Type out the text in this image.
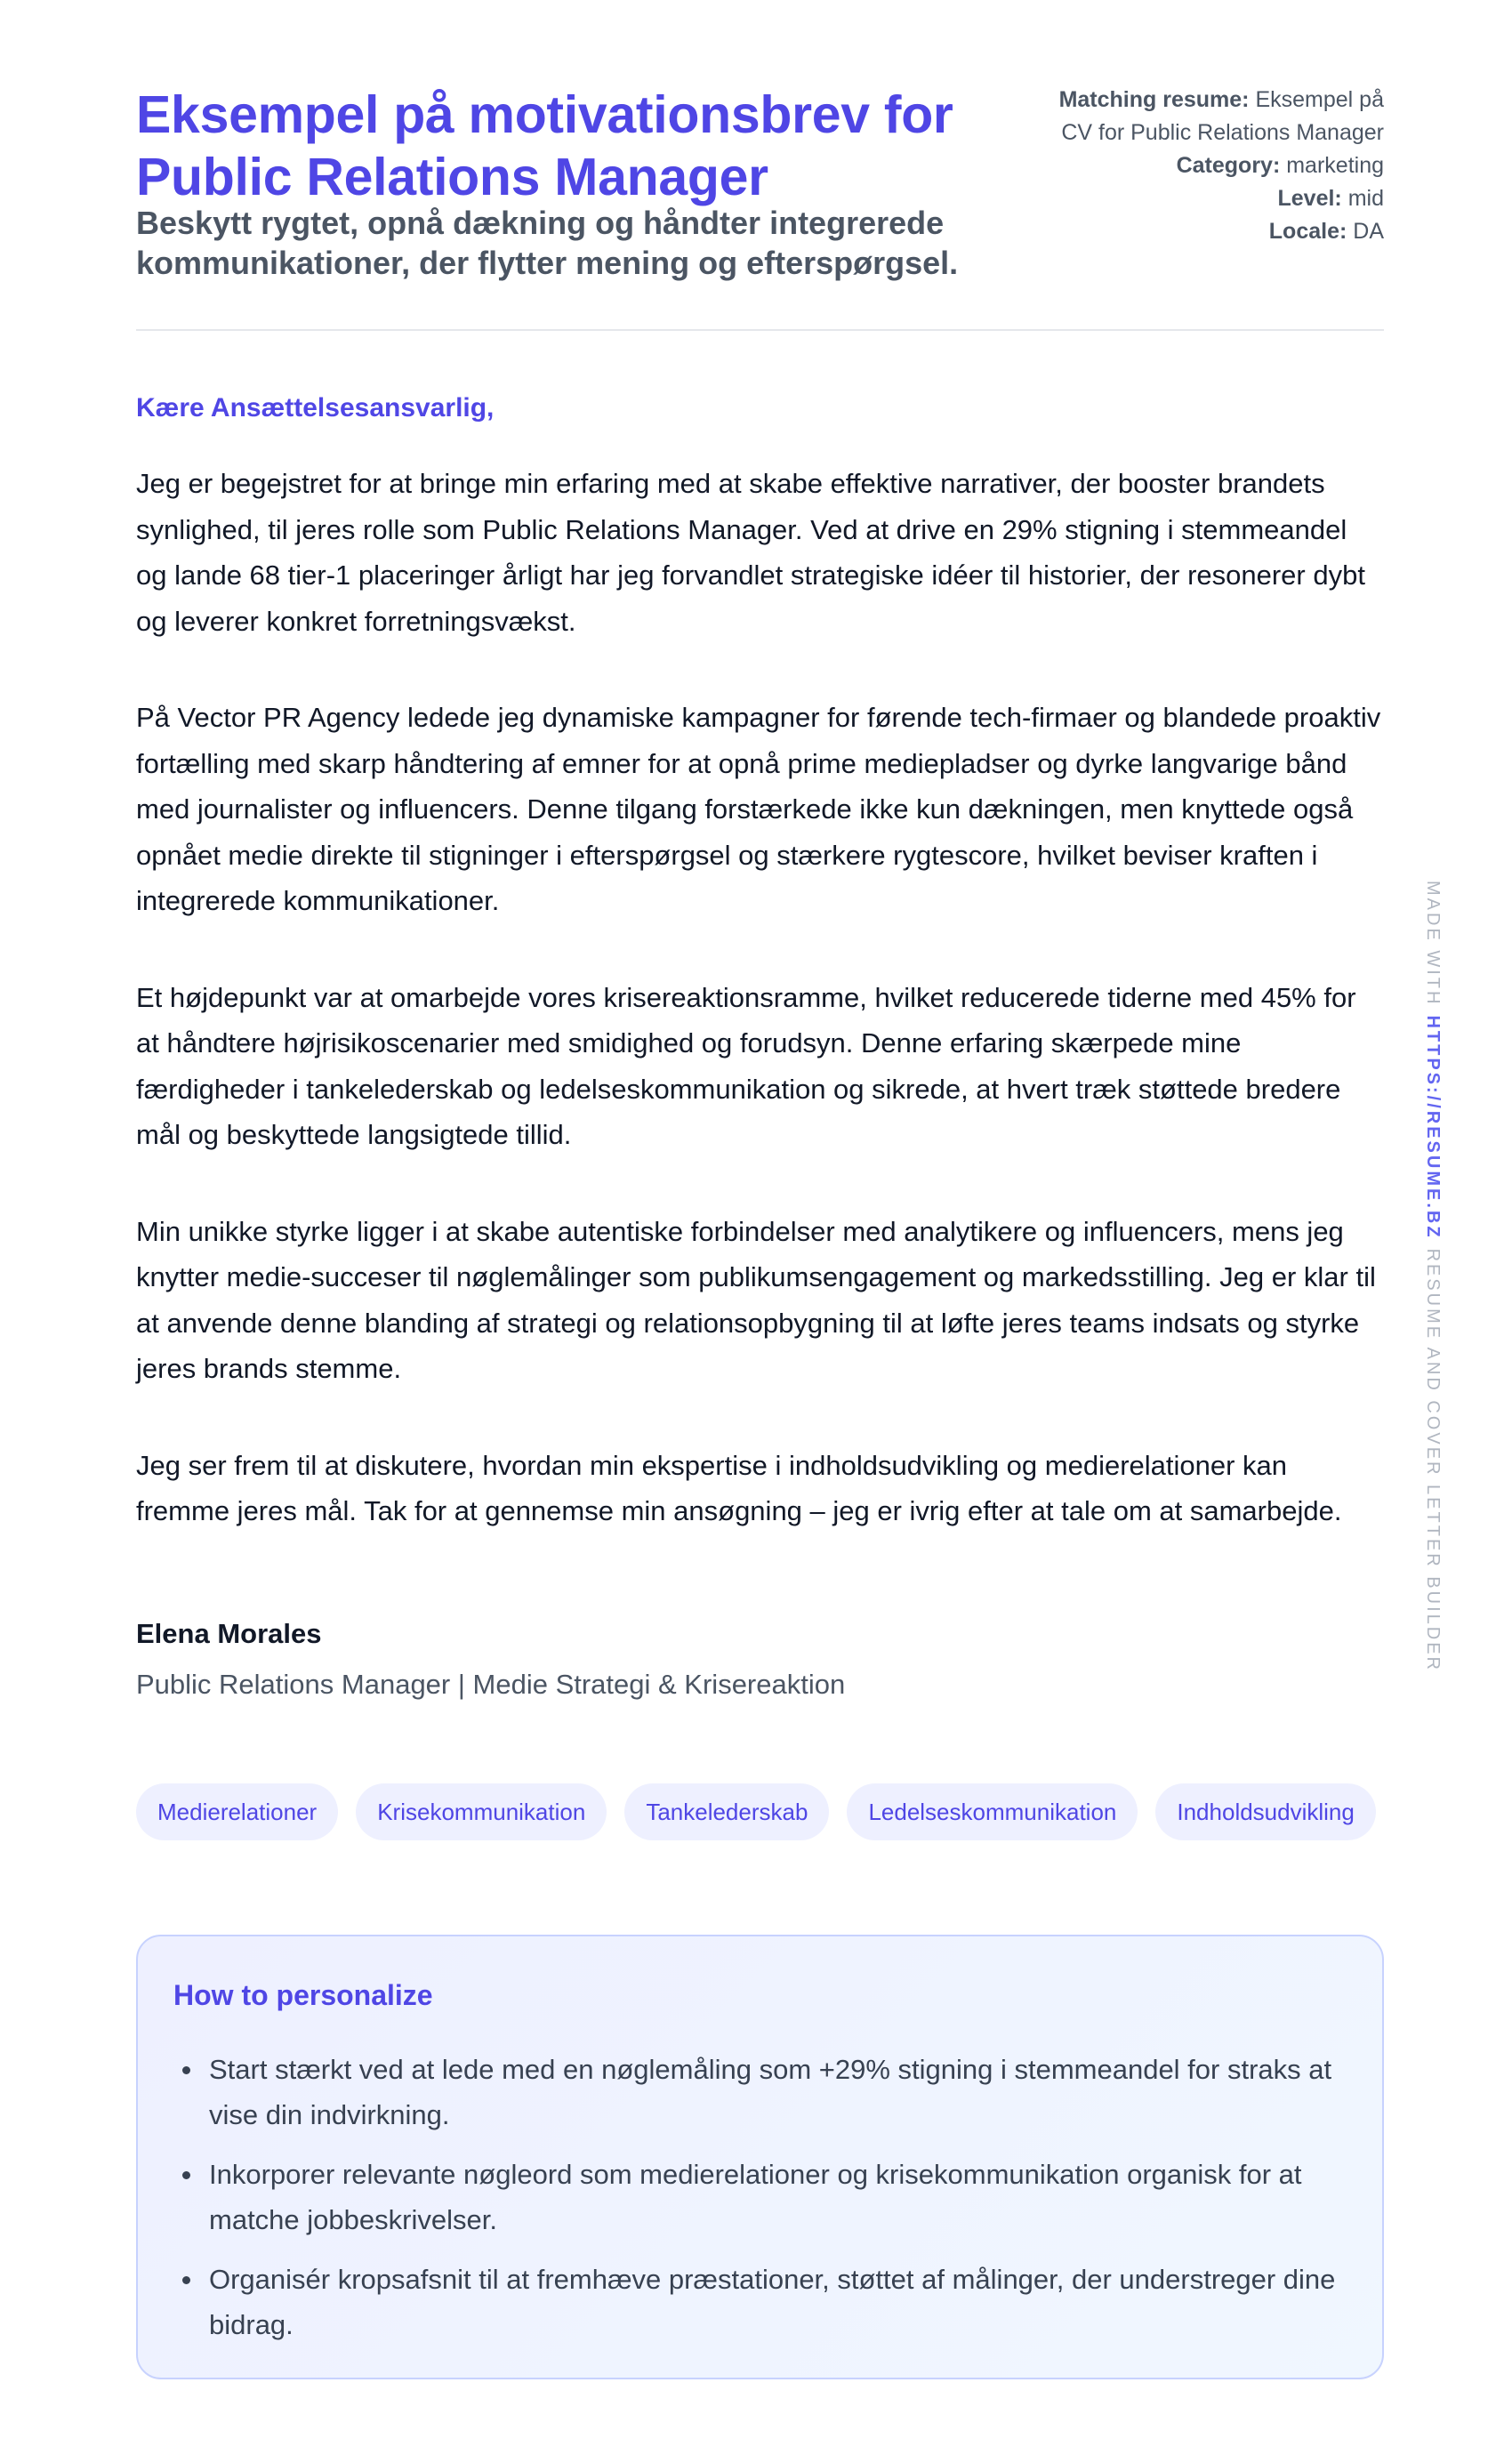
Eksempel på motivationsbrev for Public Relations Manager
Beskytt rygtet, opnå dækning og håndter integrerede kommunikationer, der flytter mening og efterspørgsel.
Matching resume: Eksempel på CV for Public Relations Manager
Category: marketing
Level: mid
Locale: DA

Kære Ansættelsesansvarlig,

Jeg er begejstret for at bringe min erfaring med at skabe effektive narrativer, der booster brandets synlighed, til jeres rolle som Public Relations Manager. Ved at drive en 29% stigning i stemmeandel og lande 68 tier-1 placeringer årligt har jeg forvandlet strategiske idéer til historier, der resonerer dybt og leverer konkret forretningsvækst.

På Vector PR Agency ledede jeg dynamiske kampagner for førende tech-firmaer og blandede proaktiv fortælling med skarp håndtering af emner for at opnå prime mediepladser og dyrke langvarige bånd med journalister og influencers. Denne tilgang forstærkede ikke kun dækningen, men knyttede også opnået medie direkte til stigninger i efterspørgsel og stærkere rygtescore, hvilket beviser kraften i integrerede kommunikationer.

Et højdepunkt var at omarbejde vores krisereaktionsramme, hvilket reducerede tiderne med 45% for at håndtere højrisikoscenarier med smidighed og forudsyn. Denne erfaring skærpede mine færdigheder i tankelederskab og ledelseskommunikation og sikrede, at hvert træk støttede bredere mål og beskyttede langsigtede tillid.

Min unikke styrke ligger i at skabe autentiske forbindelser med analytikere og influencers, mens jeg knytter medie-succeser til nøglemålinger som publikumsengagement og markedsstilling. Jeg er klar til at anvende denne blanding af strategi og relationsopbygning til at løfte jeres teams indsats og styrke jeres brands stemme.

Jeg ser frem til at diskutere, hvordan min ekspertise i indholdsudvikling og medierelationer kan fremme jeres mål. Tak for at gennemse min ansøgning – jeg er ivrig efter at tale om at samarbejde.

Elena Morales

Public Relations Manager | Medie Strategi & Krisereaktion

Medierelationer	Krisekommunikation	Tankelederskab	Ledelseskommunikation	Indholdsudvikling
How to personalize
Start stærkt ved at lede med en nøglemåling som +29% stigning i stemmeandel for straks at vise din indvirkning.
Inkorporer relevante nøgleord som medierelationer og krisekommunikation organisk for at matche jobbeskrivelser.
Organisér kropsafsnit til at fremhæve præstationer, støttet af målinger, der understreger dine bidrag.
MADE WITHHTTPS://RESUME.BZRESUME AND COVER LETTER BUILDER
